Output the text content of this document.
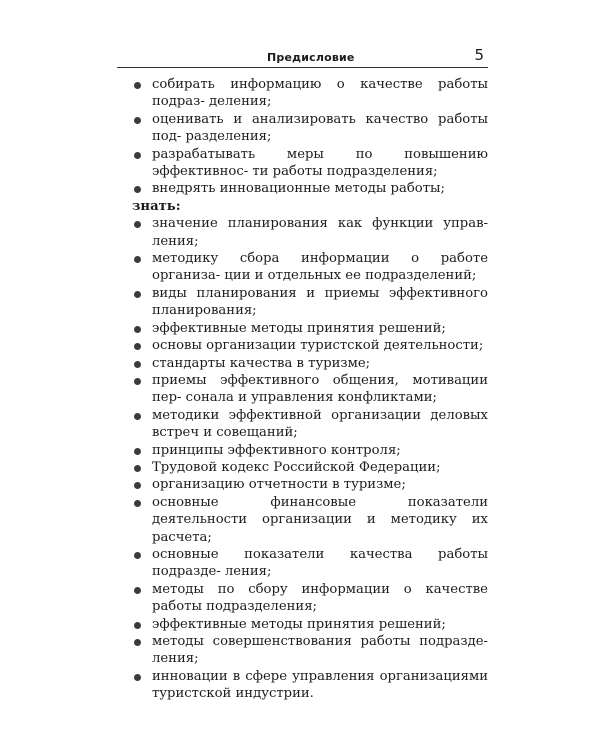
Предисловие	5
собирать информацию о качестве работы подраз- деления;
оценивать и анализировать качество работы под- разделения;
разрабатывать меры по повышению эффективнос- ти работы подразделения;
внедрять инновационные методы работы;

знать:

значение планирования как функции управ- ления;
методику сбора информации о работе организа- ции и отдельных ее подразделений;
виды планирования и приемы эффективного планирования;
эффективные методы принятия решений;
основы организации туристской деятельности;
стандарты качества в туризме;
приемы эффективного общения, мотивации пер- сонала и управления конфликтами;
методики эффективной организации деловых встреч и совещаний;
принципы эффективного контроля;
Трудовой кодекс Российской Федерации;
организацию отчетности в туризме;
основные финансовые показатели деятельности организации и методику их расчета;
основные показатели качества работы подразде- ления;
методы по сбору информации о качестве работы подразделения;
эффективные методы принятия решений;
методы совершенствования работы подразде- ления;
инновации в сфере управления организациями туристской индустрии.
